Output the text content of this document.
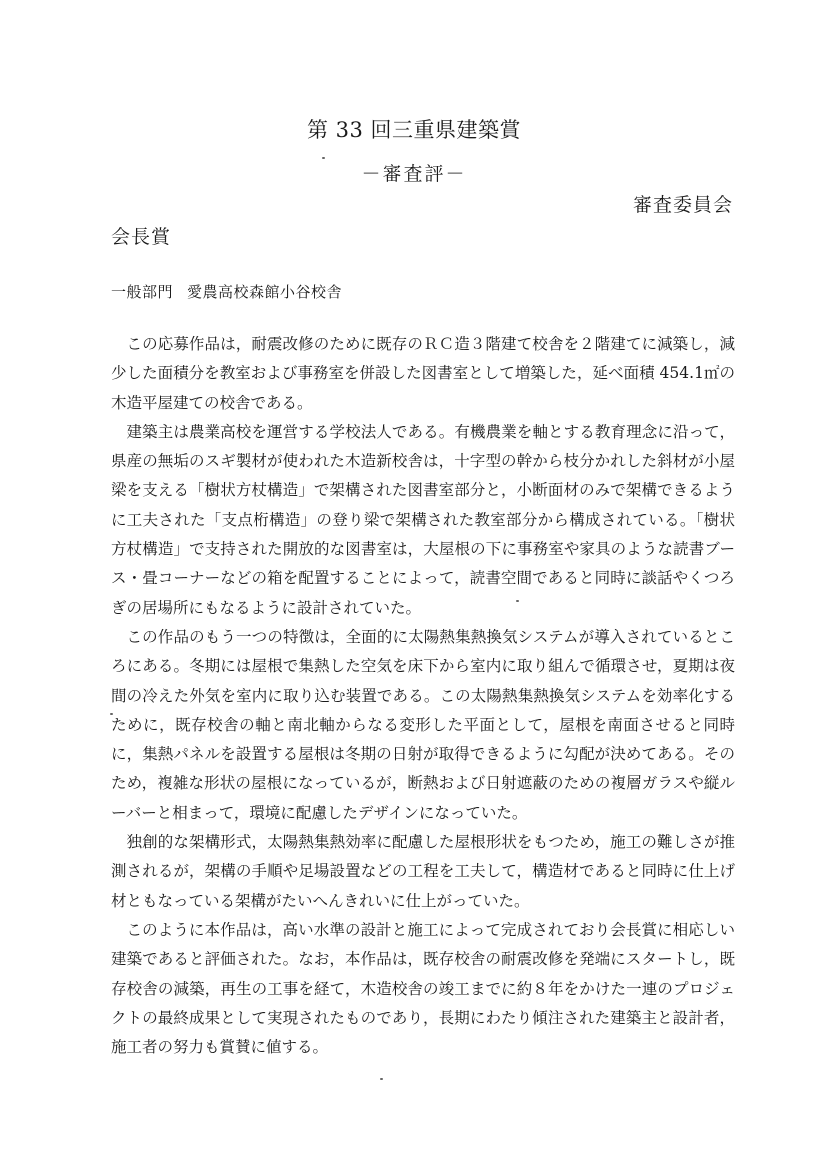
第 33 回三重県建築賞
－審査評－
審査委員会
会長賞
一般部門 愛農高校森館小谷校舎

この応募作品は，耐震改修のために既存のＲＣ造３階建て校舎を２階建てに減築し，減少した面積分を教室および事務室を併設した図書室として増築した，延べ面積 454.1㎡の木造平屋建ての校舎である。

建築主は農業高校を運営する学校法人である。有機農業を軸とする教育理念に沿って，県産の無垢のスギ製材が使われた木造新校舎は，十字型の幹から枝分かれした斜材が小屋梁を支える「樹状方杖構造」で架構された図書室部分と，小断面材のみで架構できるように工夫された「支点桁構造」の登り梁で架構された教室部分から構成されている。「樹状方杖構造」で支持された開放的な図書室は，大屋根の下に事務室や家具のような読書ブース・畳コーナーなどの箱を配置することによって，読書空間であると同時に談話やくつろぎの居場所にもなるように設計されていた。

この作品のもう一つの特徴は，全面的に太陽熱集熱換気システムが導入されているところにある。冬期には屋根で集熱した空気を床下から室内に取り組んで循環させ，夏期は夜間の冷えた外気を室内に取り込む装置である。この太陽熱集熱換気システムを効率化するために，既存校舎の軸と南北軸からなる変形した平面として，屋根を南面させると同時に，集熱パネルを設置する屋根は冬期の日射が取得できるように勾配が決めてある。そのため，複雑な形状の屋根になっているが，断熱および日射遮蔽のための複層ガラスや縦ルーバーと相まって，環境に配慮したデザインになっていた。

独創的な架構形式，太陽熱集熱効率に配慮した屋根形状をもつため，施工の難しさが推測されるが，架構の手順や足場設置などの工程を工夫して，構造材であると同時に仕上げ材ともなっている架構がたいへんきれいに仕上がっていた。

このように本作品は，高い水準の設計と施工によって完成されており会長賞に相応しい建築であると評価された。なお，本作品は，既存校舎の耐震改修を発端にスタートし，既存校舎の減築，再生の工事を経て，木造校舎の竣工までに約８年をかけた一連のプロジェクトの最終成果として実現されたものであり，長期にわたり傾注された建築主と設計者，施工者の努力も賞賛に値する。
